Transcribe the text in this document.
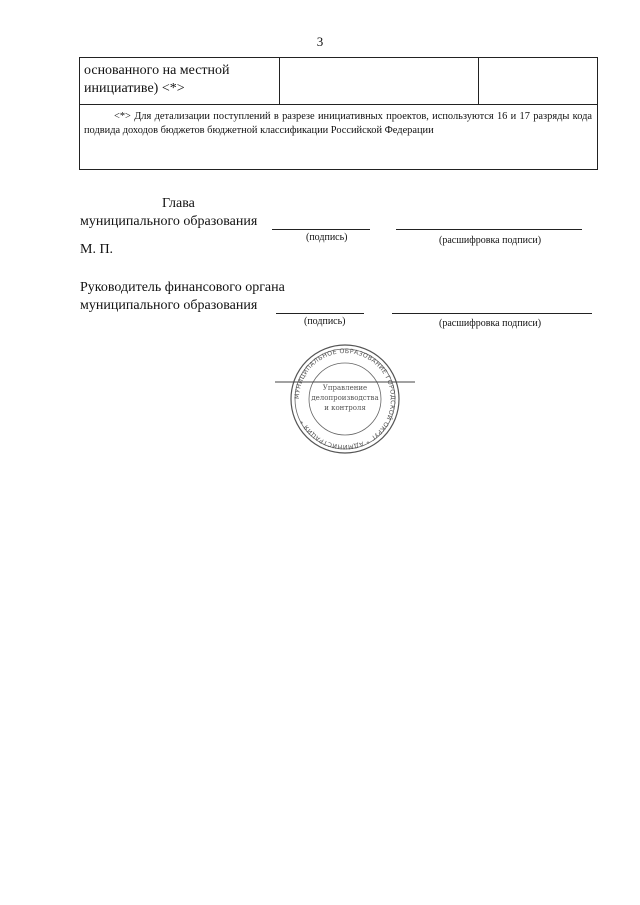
3
основанного на местной инициативе) <*>
<*> Для детализации поступлений в разрезе инициативных проектов, используются 16 и 17 разряды кода подвида доходов бюджетов бюджетной классификации Российской Федерации
Глава
муниципального образования
(подпись)	(расшифровка подписи)
М. П.
Руководитель финансового органа
муниципального образования
(подпись)	(расшифровка подписи)
МУНИЦИПАЛЬНОЕ ОБРАЗОВАНИЕ ГОРОДСКОЙ ОКРУГ * АДМИНИСТРАЦИЯ *
Управление
делопроизводства
и контроля
